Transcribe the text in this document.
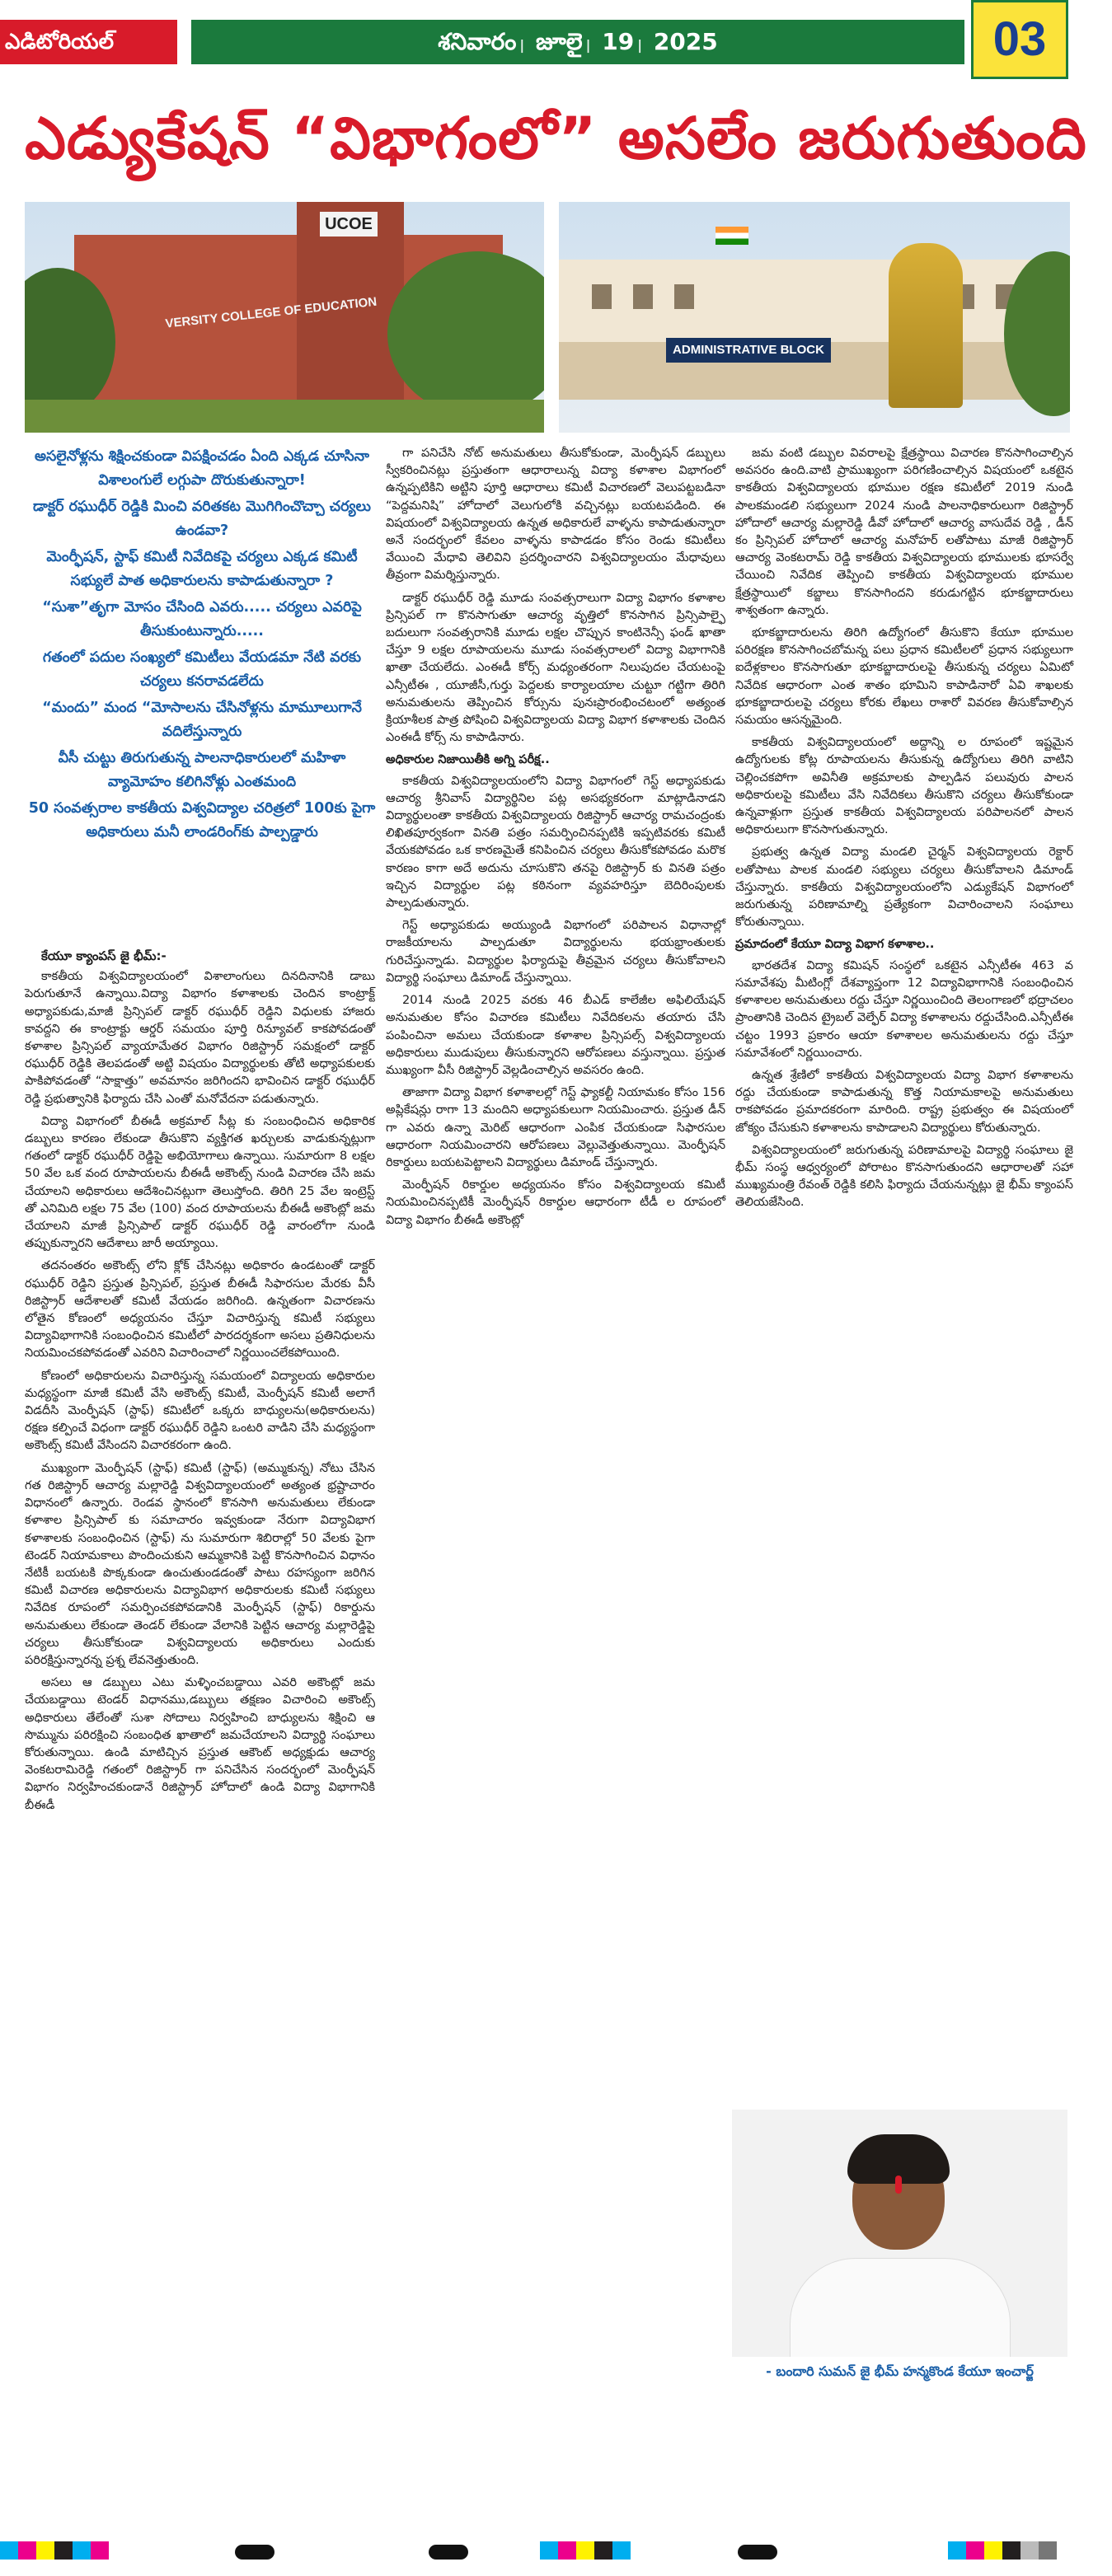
ఎడిటోరియల్	శనివారం | జూలై | 19 | 2025	03
ఎడ్యుకేషన్ “విభాగంలో” అసలేం జరుగుతుంది
UCOE
VERSITY COLLEGE OF EDUCATION
ADMINISTRATIVE BLOCK

అసలైనోళ్లను శిక్షించకుండా విపక్షించడం ఏంది ఎక్కడ చూసినా విశాలంగులే లగ్గుపా దొరుకుతున్నారా!

డాక్టర్ రఘుధీర్ రెడ్డికి మించి వరితకట మొగిగించొచ్చా చర్యలు ఉండవా?

మెంర్ఫీషన్, స్టాఫ్ కమిటీ నివేదికపై చర్యలు ఎక్కడ కమిటీ సభ్యులే పాత అధికారులను కాపాడుతున్నారా ?

“సుశా”తృగా మోసం చేసింది ఎవరు..... చర్యలు ఎవరిపై తీసుకుంటున్నారు.....

గతంలో పదుల సంఖ్యలో కమిటీలు వేయడమా నేటి వరకు చర్యలు కనరావడలేదు

“మందు” మంద “మోసాలను చేసినోళ్లను మామూలుగానే వదిలేస్తున్నారు

వీసీ చుట్టు తిరుగుతున్న పాలనాధికారులలో మహిళా వ్యామోహం కలిగినోళ్లు ఎంతమంది

50 సంవత్సరాల కాకతీయ విశ్వవిద్యాల చరిత్రలో 100కు పైగా అధికారులు మనీ లాండరింగ్‌కు పాల్పడ్డారు

కేయూ క్యాంపస్ జై భీమ్:-

కాకతీయ విశ్వవిద్యాలయంలో విశాలాంగులు దినదినానికి డాబు పెరుగుతూనే ఉన్నాయి.విద్యా విభాగం కళాశాలకు చెందిన కాంట్రాక్ట్ అధ్యాపకుడు,మాజీ ప్రిన్సిపల్ డాక్టర్ రఘుధీర్ రెడ్డిని విధులకు హాజరు కావద్దని ఈ కాంట్రాక్టు ఆర్డర్ సమయం పూర్తి రిన్యూవల్ కాకపోవడంతో కళాశాల ప్రిన్సిపల్ వ్యాయామేతర విభాగం రిజిస్ట్రార్ సమక్షంలో డాక్టర్ రఘుధీర్ రెడ్డికి తెలపడంతో అట్టి విషయం విద్యార్థులకు తోటి అధ్యాపకులకు పాకిపోవడంతో “సాక్షాత్తు” అవమానం జరిగిందని భావించిన డాక్టర్ రఘుధీర్ రెడ్డి ప్రభుత్వానికి ఫిర్యాదు చేసి ఎంతో మనోవేదనా పడుతున్నారు.

విద్యా విభాగంలో బీఈడీ అక్రమాల్ సీట్ల కు సంబంధించిన అధికారిక డబ్బులు కారణం లేకుండా తీసుకొని వ్యక్తిగత ఖర్చులకు వాడుకున్నట్లుగా గతంలో డాక్టర్ రఘుధీర్ రెడ్డిపై అభియోగాలు ఉన్నాయి. సుమారుగా 8 లక్షల 50 వేల ఒక వంద రూపాయలను బీఈడీ అకౌంట్స్ నుండి విచారణ చేసి జమ చేయాలని అధికారులు ఆదేశించినట్లుగా తెలుస్తోంది. తిరిగి 25 వేల ఇంట్రెస్ట్ తో ఎనిమిది లక్షల 75 వేల (100) వంద రూపాయలను బీఈడీ అకౌంట్లో జమ చేయాలని మాజీ ప్రిన్సిపాల్ డాక్టర్ రఘుధీర్ రెడ్డి వారంలోగా నుండి తప్పుకున్నారని ఆదేశాలు జారీ అయ్యాయి.

తదనంతరం అకౌంట్స్ లోని క్లోక్ చేసినట్లు అధికారం ఉండటంతో డాక్టర్ రఘుధీర్ రెడ్డిని ప్రస్తుత ప్రిన్సిపల్, ప్రస్తుత బీఈడీ సిఫారసుల మేరకు వీసీ రిజిస్ట్రార్ ఆదేశాలతో కమిటీ వేయడం జరిగింది. ఉన్నతంగా విచారణను లోతైన కోణంలో అధ్యయనం చేస్తూ విచారిస్తున్న కమిటీ సభ్యులు విద్యావిభాగానికి సంబంధించిన కమిటీలో పారదర్శకంగా అసలు ప్రతినిధులను నియమించకపోవడంతో ఎవరిని విచారించాలో నిర్ణయించలేకపోయింది.

కోణంలో అధికారులను విచారిస్తున్న సమయంలో విద్యాలయ అధికారుల మధ్యస్థంగా మాజీ కమిటీ వేసి అకౌంట్స్ కమిటీ, మెంర్ఫీషన్ కమిటీ అలాగే విడదీసి మెంర్ఫీషన్ (స్టాఫ్) కమిటీలో ఒక్కరు బాధ్యులను(అధికారులను) రక్షణ కల్పించే విధంగా డాక్టర్ రఘుధీర్ రెడ్డిని ఒంటరి వాడిని చేసి మధ్యస్థంగా అకౌంట్స్ కమిటీ వేసిందని విచారకరంగా ఉంది.

ముఖ్యంగా మెంర్ఫీషన్ (స్టాఫ్) కమిటీ (స్టాఫ్) (అమ్ముకున్న) నోటు చేసిన గత రిజిస్ట్రార్ ఆచార్య మల్లారెడ్డి విశ్వవిద్యాలయంలో అత్యంత భ్రష్టాచారం విధానంలో ఉన్నారు. రెండవ స్థానంలో కొనసాగి అనుమతులు లేకుండా కళాశాల ప్రిన్సిపాల్ కు సమాచారం ఇవ్వకుండా నేరుగా విద్యావిభాగ కళాశాలకు సంబంధించిన (స్టాఫ్) ను సుమారుగా శిబిరాల్లో 50 వేలకు పైగా టెండర్ నియామకాలు పొందించుకుని ఆమ్మకానికి పెట్టి కొనసాగించిన విధానం నేటికీ బయటకి పొక్కకుండా ఉంచుతుండడంతో పాటు రహస్యంగా జరిగిన కమిటీ విచారణ అధికారులను విద్యావిభాగ అధికారులకు కమిటీ సభ్యులు నివేదిక రూపంలో సమర్పించకపోవడానికి మెంర్ఫీషన్ (స్టాఫ్) రికార్డును అనుమతులు లేకుండా తెండర్ లేకుండా వేలానికి పెట్టిన ఆచార్య మల్లారెడ్డిపై చర్యలు తీసుకోకుండా విశ్వవిద్యాలయ అధికారులు ఎందుకు పరిరక్షిస్తున్నారన్న ప్రశ్న లేవనెత్తుతుంది.

అసలు ఆ డబ్బులు ఎటు మళ్ళించబడ్డాయి ఎవరి అకౌంట్లో జమ చేయబడ్డాయి టెండర్ విధానము,డబ్బులు తక్షణం విచారించి అకౌంట్స్ అధికారులు తేలేంతో సుశా సోదాలు నిర్వహించి బాధ్యులను శిక్షించి ఆ సొమ్మును పరిరక్షించి సంబంధిత ఖాతాలో జమచేయాలని విద్యార్థి సంఘాలు కోరుతున్నాయి. ఉండి మాటిచ్చిన ప్రస్తుత ఆకౌంట్ అధ్యక్షుడు ఆచార్య వెంకటరామిరెడ్డి గతంలో రిజిస్ట్రార్ గా పనిచేసిన సందర్భంలో మెంర్ఫీషన్ విభాగం నిర్వహించకుండానే రిజిస్ట్రార్ హోదాలో ఉండి విద్యా విభాగానికి బీఈడీ

గా పనిచేసి నోట్ అనుమతులు తీసుకోకుండా, మెంర్ఫీషన్ డబ్బులు స్వీకరించినట్లు ప్రస్తుతంగా ఆధారాలున్న విద్యా కళాశాల విభాగంలో ఉన్నప్పటికిని అట్టిని పూర్తి ఆధారాలు కమిటీ విచారణలో వెలుపట్టబడినా “పెద్దమనిషి” హోదాలో వెలుగులోకి వచ్చినట్లు బయటపడింది. ఈ విషయంలో విశ్వవిద్యాలయ ఉన్నత అధికారులే వాళ్ళను కాపాడుతున్నారా అనే సందర్భంలో కేవలం వాళ్ళను కాపాడడం కోసం రెండు కమిటీలు వేయించి మేధావి తెలివిని ప్రదర్శించారని విశ్వవిద్యాలయం మేధావులు తీవ్రంగా విమర్శిస్తున్నారు.

డాక్టర్ రఘుధీర్ రెడ్డి మూడు సంవత్సరాలుగా విద్యా విభాగం కళాశాల ప్రిన్సిపల్ గా కొనసాగుతూ ఆచార్య వృత్తిలో కొనసాగిన ప్రిన్సిపాల్ఫై బదులుగా సంవత్సరానికి మూడు లక్షల చొప్పున కాంటినెన్సీ ఫండ్ ఖాతా చేస్తూ 9 లక్షల రూపాయలను మూడు సంవత్సరాలలో విద్యా విభాగానికి ఖాతా చేయలేదు. ఎంఈడీ కోర్స్ మధ్యంతరంగా నిలుపుదల చేయటంపై ఎన్సీటీఈ , యూజీసీ,గుర్తు పెద్దలకు కార్యాలయాల చుట్టూ గట్టిగా తిరిగి అనుమతులను తెప్పించిన కోర్సును పునఃప్రారంభించటంలో అత్యంత క్రియాశీలక పాత్ర పోషించి విశ్వవిద్యాలయ విద్యా విభాగ కళాశాలకు చెందిన ఎంఈడీ కోర్స్ ను కాపాడినారు.

అధికారుల నిజాయితీకి అగ్ని పరీక్ష..

కాకతీయ విశ్వవిద్యాలయంలోని విద్యా విభాగంలో గెస్ట్ అధ్యాపకుడు ఆచార్య శ్రీనివాస్ విద్యార్థినిల పట్ల అసభ్యకరంగా మాట్లాడినాడని విద్యార్థులంతా కాకతీయ విశ్వవిద్యాలయ రిజిస్ట్రార్ ఆచార్య రామచంద్రంకు లిఖితపూర్వకంగా వినతి పత్రం సమర్పించినప్పటికి ఇప్పటివరకు కమిటీ వేయకపోవడం ఒక కారణమైతే కనిపించిన చర్యలు తీసుకోకపోవడం మరొక కారణం కాగా అదే అదును చూసుకొని తనపై రిజిస్ట్రార్ కు వినతి పత్రం ఇచ్చిన విద్యార్థుల పట్ల కఠినంగా వ్యవహరిస్తూ బెదిరింపులకు పాల్పడుతున్నారు.

గెస్ట్ అధ్యాపకుడు అయ్యుండి విభాగంలో పరిపాలన విధానాల్లో రాజకీయాలను పాల్పడుతూ విద్యార్థులను భయభ్రాంతులకు గురిచేస్తున్నాడు. విద్యార్థుల ఫిర్యాదుపై తీవ్రమైన చర్యలు తీసుకోవాలని విద్యార్థి సంఘాలు డిమాండ్ చేస్తున్నాయి.

2014 నుండి 2025 వరకు 46 బీఎడ్ కాలేజీల అఫిలియేషన్ అనుమతుల కోసం విచారణ కమిటీలు నివేదికలను తయారు చేసి పంపించినా అమలు చేయకుండా కళాశాల ప్రిన్సిపల్స్ విశ్వవిద్యాలయ అధికారులు ముడుపులు తీసుకున్నారని ఆరోపణలు వస్తున్నాయి. ప్రస్తుత ముఖ్యంగా వీసీ రిజిస్ట్రార్ వెల్లడించాల్సిన అవసరం ఉంది.

తాజాగా విద్యా విభాగ కళాశాలల్లో గెస్ట్ ఫ్యాకల్టీ నియామకం కోసం 156 అప్లికేషన్లు రాగా 13 మందిని అధ్యాపకులుగా నియమించారు. ప్రస్తుత డీన్ గా ఎవరు ఉన్నా మెరిట్ ఆధారంగా ఎంపిక చేయకుండా సిఫారసుల ఆధారంగా నియమించారని ఆరోపణలు వెల్లువెత్తుతున్నాయి. మెంర్ఫీషన్ రికార్డులు బయటపెట్టాలని విద్యార్థులు డిమాండ్ చేస్తున్నారు.

మెంర్ఫీషన్ రికార్డుల అధ్యయనం కోసం విశ్వవిద్యాలయ కమిటీ నియమించినప్పటికీ మెంర్ఫీషన్ రికార్డుల ఆధారంగా టీడీ ల రూపంలో విద్యా విభాగం బీఈడీ అకౌంట్లో

జమ వంటి డబ్బుల వివరాలపై క్షేత్రస్థాయి విచారణ కొనసాగించాల్సిన అవసరం ఉంది.వాటి ప్రాముఖ్యంగా పరిగణించాల్సిన విషయంలో ఒకటైన కాకతీయ విశ్వవిద్యాలయ భూముల రక్షణ కమిటీలో 2019 నుండి పాలకమండలి సభ్యులుగా 2024 నుండి పాలనాధికారులుగా రిజిస్ట్రార్ హోదాలో ఆచార్య మల్లారెడ్డి డీవో హోదాలో ఆచార్య వాసుదేవ రెడ్డి , డీన్ కం ప్రిన్సిపల్ హోదాలో ఆచార్య మనోహర్ లతోపాటు మాజీ రిజిస్ట్రార్ ఆచార్య వెంకటరామ్ రెడ్డి కాకతీయ విశ్వవిద్యాలయ భూములకు భూసర్వే చేయించి నివేదిక తెప్పించి కాకతీయ విశ్వవిద్యాలయ భూముల క్షేత్రస్థాయిలో కబ్జాలు కొనసాగిందని కరుడుగట్టిన భూకబ్జాదారులు శాశ్వతంగా ఉన్నారు.

భూకబ్జాదారులను తిరిగి ఉద్యోగంలో తీసుకొని కేయూ భూముల పరిరక్షణ కొనసాగించబోమన్న పలు ప్రధాన కమిటీలలో ప్రధాన సభ్యులుగా ఐదేళ్లకాలం కొనసాగుతూ భూకబ్జాదారులపై తీసుకున్న చర్యలు ఏమిటో నివేదిక ఆధారంగా ఎంత శాతం భూమిని కాపాడినారో ఏవి శాఖలకు భూకబ్జాదారులపై చర్యలు కోరకు లేఖలు రాశారో వివరణ తీసుకోవాల్సిన సమయం ఆసన్నమైంది.

కాకతీయ విశ్వవిద్యాలయంలో అద్దాన్ని ల రూపంలో ఇష్టమైన ఉద్యోగులకు కోట్ల రూపాయలను తీసుకున్న ఉద్యోగులు తిరిగి వాటిని చెల్లించకపోగా అవినీతి అక్రమాలకు పాల్పడిన పలువురు పాలన అధికారులపై కమిటీలు వేసి నివేదికలు తీసుకొని చర్యలు తీసుకోకుండా ఉన్నవాళ్లుగా ప్రస్తుత కాకతీయ విశ్వవిద్యాలయ పరిపాలనలో పాలన అధికారులుగా కొనసాగుతున్నారు.

ప్రభుత్వ ఉన్నత విద్యా మండలి చైర్మన్ విశ్వవిద్యాలయ రెక్టార్ లతోపాటు పాలక మండలి సభ్యులు చర్యలు తీసుకోవాలని డిమాండ్ చేస్తున్నారు. కాకతీయ విశ్వవిద్యాలయంలోని ఎడ్యుకేషన్ విభాగంలో జరుగుతున్న పరిణామాల్ని ప్రత్యేకంగా విచారించాలని సంఘాలు కోరుతున్నాయి.

ప్రమాదంలో కేయూ విద్యా విభాగ కళాశాల..

భారతదేశ విద్యా కమిషన్ సంస్థలో ఒకటైన ఎన్సీటీఈ 463 వ సమావేశపు మీటింగ్లో దేశవ్యాప్తంగా 12 విద్యావిభాగానికి సంబంధించిన కళాశాలల అనుమతులు రద్దు చేస్తూ నిర్ణయించింది తెలంగాణలో భద్రాచలం ప్రాంతానికి చెందిన ట్రైబల్ వెల్ఫేర్ విద్యా కళాశాలను రద్దుచేసింది.ఎన్సీటీఈ చట్టం 1993 ప్రకారం ఆయా కళాశాలల అనుమతులను రద్దు చేస్తూ సమావేశంలో నిర్ణయించారు.

ఉన్నత శ్రేణిలో కాకతీయ విశ్వవిద్యాలయ విద్యా విభాగ కళాశాలను రద్దు చేయకుండా కాపాడుతున్న కొత్త నియామకాలపై అనుమతులు రాకపోవడం ప్రమాదకరంగా మారింది. రాష్ట్ర ప్రభుత్వం ఈ విషయంలో జోక్యం చేసుకుని కళాశాలను కాపాడాలని విద్యార్థులు కోరుతున్నారు.

విశ్వవిద్యాలయంలో జరుగుతున్న పరిణామాలపై విద్యార్థి సంఘాలు జై భీమ్ సంస్థ ఆధ్వర్యంలో పోరాటం కొనసాగుతుందని ఆధారాలతో సహా ముఖ్యమంత్రి రేవంత్ రెడ్డికి కలిసి ఫిర్యాదు చేయనున్నట్లు జై భీమ్ క్యాంపస్ తెలియజేసింది.

- బందారి సుమన్ జై భీమ్ హన్మకొండ కేయూ ఇంచార్జ్
